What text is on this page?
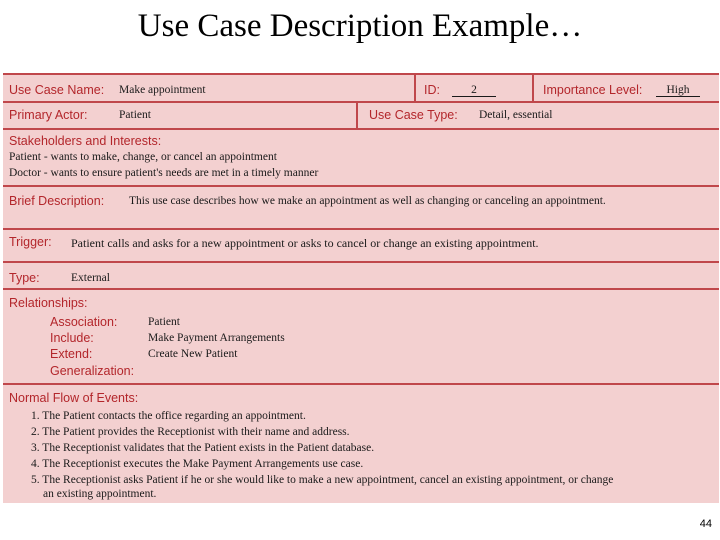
Use Case Description Example…
Use Case Name: Make appointment	ID:	2	Importance Level:	High
Primary Actor:	Patient	Use Case Type: Detail, essential
Stakeholders and Interests:
Patient - wants to make, change, or cancel an appointment
Doctor - wants to ensure patient's needs are met in a timely manner
Brief Description: This use case describes how we make an appointment as well as changing or canceling an appointment.
Trigger: Patient calls and asks for a new appointment or asks to cancel or change an existing appointment.
Type:	External
Relationships:
Association:	Patient
Include:	Make Payment Arrangements
Extend:	Create New Patient
Generalization:
Normal Flow of Events:
1. The Patient contacts the office regarding an appointment.
2. The Patient provides the Receptionist with their name and address.
3. The Receptionist validates that the Patient exists in the Patient database.
4. The Receptionist executes the Make Payment Arrangements use case.
5. The Receptionist asks Patient if he or she would like to make a new appointment, cancel an existing appointment, or change
an existing appointment.
44
